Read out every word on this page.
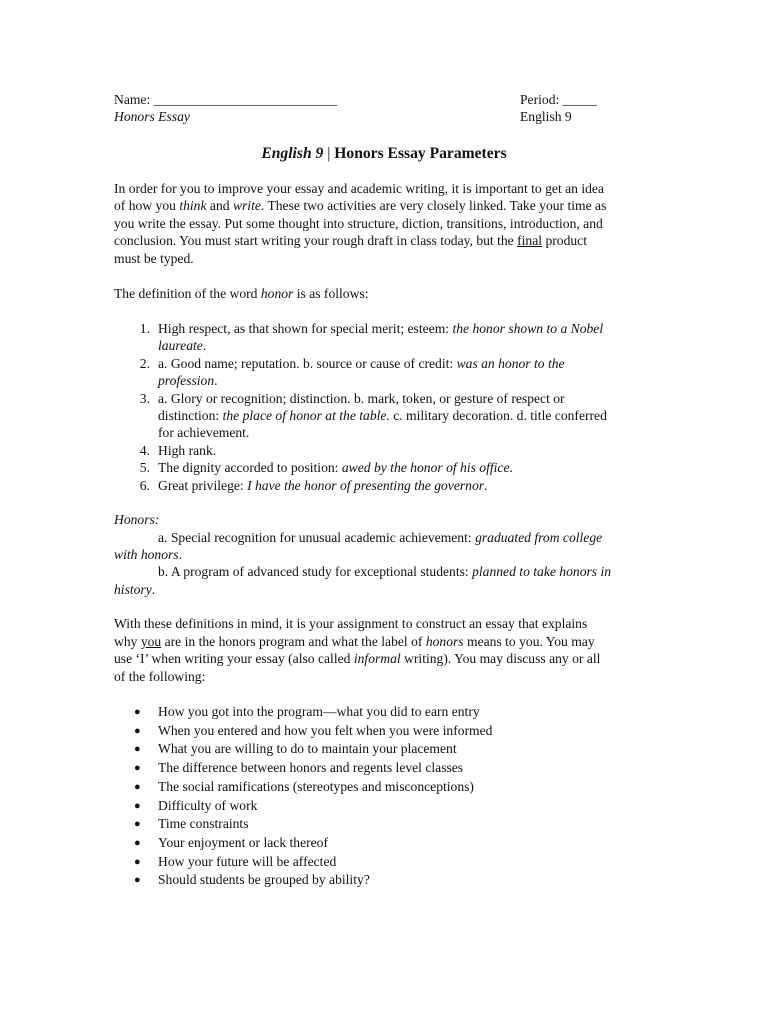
Name: ___________________________	Period: _____
Honors Essay	English 9
English 9 | Honors Essay Parameters
In order for you to improve your essay and academic writing, it is important to get an idea
of how you think and write. These two activities are very closely linked. Take your time as
you write the essay. Put some thought into structure, diction, transitions, introduction, and
conclusion. You must start writing your rough draft in class today, but the final product
must be typed.
The definition of the word honor is as follows:
1. High respect, as that shown for special merit; esteem: the honor shown to a Nobel
laureate.
2. a. Good name; reputation. b. source or cause of credit: was an honor to the
profession.
3. a. Glory or recognition; distinction. b. mark, token, or gesture of respect or
distinction: the place of honor at the table. c. military decoration. d. title conferred
for achievement.
4. High rank.
5. The dignity accorded to position: awed by the honor of his office.
6. Great privilege: I have the honor of presenting the governor.
Honors:
a. Special recognition for unusual academic achievement: graduated from college
with honors.
b. A program of advanced study for exceptional students: planned to take honors in
history.
With these definitions in mind, it is your assignment to construct an essay that explains
why you are in the honors program and what the label of honors means to you. You may
use ‘I’ when writing your essay (also called informal writing). You may discuss any or all
of the following:
● How you got into the program—what you did to earn entry
● When you entered and how you felt when you were informed
● What you are willing to do to maintain your placement
● The difference between honors and regents level classes
● The social ramifications (stereotypes and misconceptions)
● Difficulty of work
● Time constraints
● Your enjoyment or lack thereof
● How your future will be affected
● Should students be grouped by ability?
